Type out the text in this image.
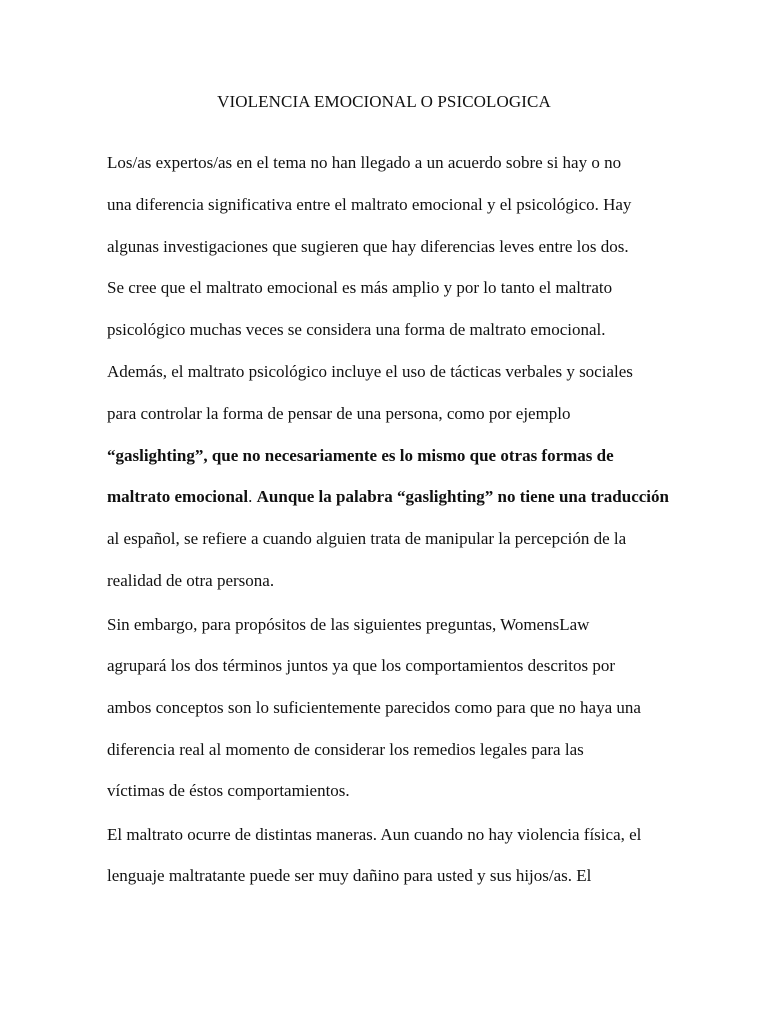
VIOLENCIA EMOCIONAL O PSICOLOGICA
Los/as expertos/as en el tema no han llegado a un acuerdo sobre si hay o no
una diferencia significativa entre el maltrato emocional y el psicológico. Hay
algunas investigaciones que sugieren que hay diferencias leves entre los dos.
Se cree que el maltrato emocional es más amplio y por lo tanto el maltrato
psicológico muchas veces se considera una forma de maltrato emocional.
Además, el maltrato psicológico incluye el uso de tácticas verbales y sociales
para controlar la forma de pensar de una persona, como por ejemplo
“gaslighting”, que no necesariamente es lo mismo que otras formas de
maltrato emocional. Aunque la palabra “gaslighting” no tiene una traducción
al español, se refiere a cuando alguien trata de manipular la percepción de la
realidad de otra persona.
Sin embargo, para propósitos de las siguientes preguntas, WomensLaw
agrupará los dos términos juntos ya que los comportamientos descritos por
ambos conceptos son lo suficientemente parecidos como para que no haya una
diferencia real al momento de considerar los remedios legales para las
víctimas de éstos comportamientos.
El maltrato ocurre de distintas maneras. Aun cuando no hay violencia física, el
lenguaje maltratante puede ser muy dañino para usted y sus hijos/as. El
